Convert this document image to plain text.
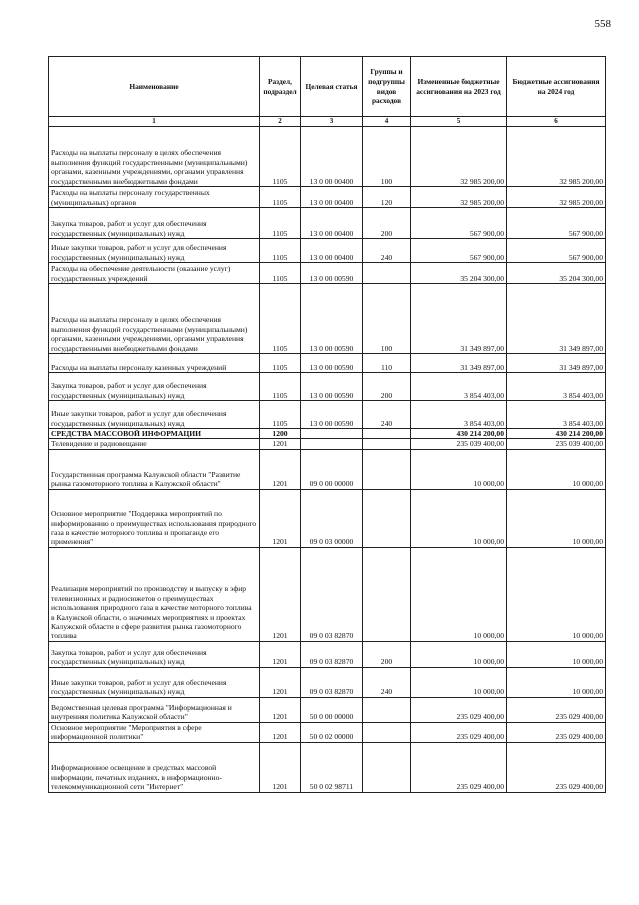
558
Наименование	Раздел, подраздел	Целевая статья	Группы и подгруппы видов расходов	Измененные бюджетные ассигнования на 2023 год	Бюджетные ассигнования на 2024 год
1	2	3	4	5	6
Расходы на выплаты персоналу в целях обеспечения выполнения функций государственными (муниципальными) органами, казенными учреждениями, органами управления государственными внебюджетными фондами	1105	13 0 00 00400	100	32 985 200,00	32 985 200,00
Расходы на выплаты персоналу государственных (муниципальных) органов	1105	13 0 00 00400	120	32 985 200,00	32 985 200,00
Закупка товаров, работ и услуг для обеспечения государственных (муниципальных) нужд	1105	13 0 00 00400	200	567 900,00	567 900,00
Иные закупки товаров, работ и услуг для обеспечения государственных (муниципальных) нужд	1105	13 0 00 00400	240	567 900,00	567 900,00
Расходы на обеспечение деятельности (оказание услуг) государственных учреждений	1105	13 0 00 00590		35 204 300,00	35 204 300,00
Расходы на выплаты персоналу в целях обеспечения выполнения функций государственными (муниципальными) органами, казенными учреждениями, органами управления государственными внебюджетными фондами	1105	13 0 00 00590	100	31 349 897,00	31 349 897,00
Расходы на выплаты персоналу казенных учреждений	1105	13 0 00 00590	110	31 349 897,00	31 349 897,00
Закупка товаров, работ и услуг для обеспечения государственных (муниципальных) нужд	1105	13 0 00 00590	200	3 854 403,00	3 854 403,00
Иные закупки товаров, работ и услуг для обеспечения государственных (муниципальных) нужд	1105	13 0 00 00590	240	3 854 403,00	3 854 403,00
СРЕДСТВА МАССОВОЙ ИНФОРМАЦИИ	1200			430 214 200,00	430 214 200,00
Телевидение и радиовещание	1201			235 039 400,00	235 039 400,00
Государственная программа Калужской области "Развитие рынка газомоторного топлива в Калужской области"	1201	09 0 00 00000		10 000,00	10 000,00
Основное мероприятие "Поддержка мероприятий по информированию о преимуществах использования природного газа в качестве моторного топлива и пропаганде его применения"	1201	09 0 03 00000		10 000,00	10 000,00
Реализация мероприятий по производству и выпуску в эфир телевизионных и радиосюжетов о преимуществах использования природного газа в качестве моторного топлива в Калужской области, о значимых мероприятиях и проектах Калужской области в сфере развития рынка газомоторного топлива	1201	09 0 03 82870		10 000,00	10 000,00
Закупка товаров, работ и услуг для обеспечения государственных (муниципальных) нужд	1201	09 0 03 82870	200	10 000,00	10 000,00
Иные закупки товаров, работ и услуг для обеспечения государственных (муниципальных) нужд	1201	09 0 03 82870	240	10 000,00	10 000,00
Ведомственная целевая программа "Информационная и внутренняя политика Калужской области"	1201	50 0 00 00000		235 029 400,00	235 029 400,00
Основное мероприятие "Мероприятия в сфере информационной политики"	1201	50 0 02 00000		235 029 400,00	235 029 400,00
Информационное освещение в средствах массовой информации, печатных изданиях, в информационно-телекоммуникационной сети "Интернет"	1201	50 0 02 98711		235 029 400,00	235 029 400,00
